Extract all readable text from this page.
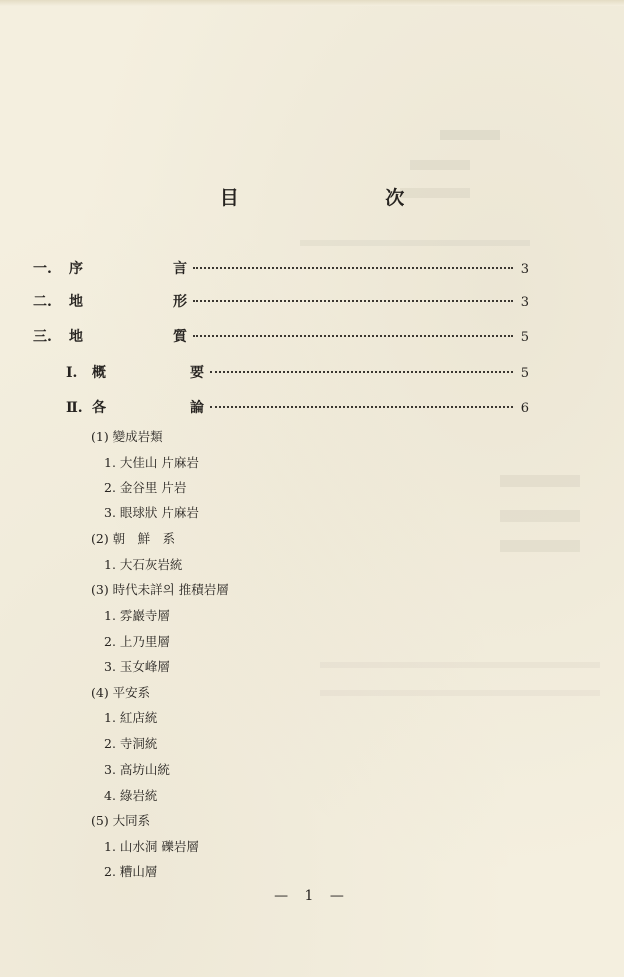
目 次
一.	序	言	3
二.	地	形	3
三.	地	質	5
Ⅰ.	概	要	5
Ⅱ. 各	論	6
(1) 變成岩類
1. 大佳山 片麻岩
2. 金谷里 片岩
3. 眼球狀 片麻岩
(2) 朝　鮮　系
1. 大石灰岩統
(3) 時代未詳의 推積岩層
1. 雰巖寺層
2. 上乃里層
3. 玉女峰層
(4) 平安系
1. 紅店統
2. 寺洞統
3. 高坊山統
4. 綠岩統
(5) 大同系
1. 山水洞 礫岩層
2. 糟山層
— 1 —
